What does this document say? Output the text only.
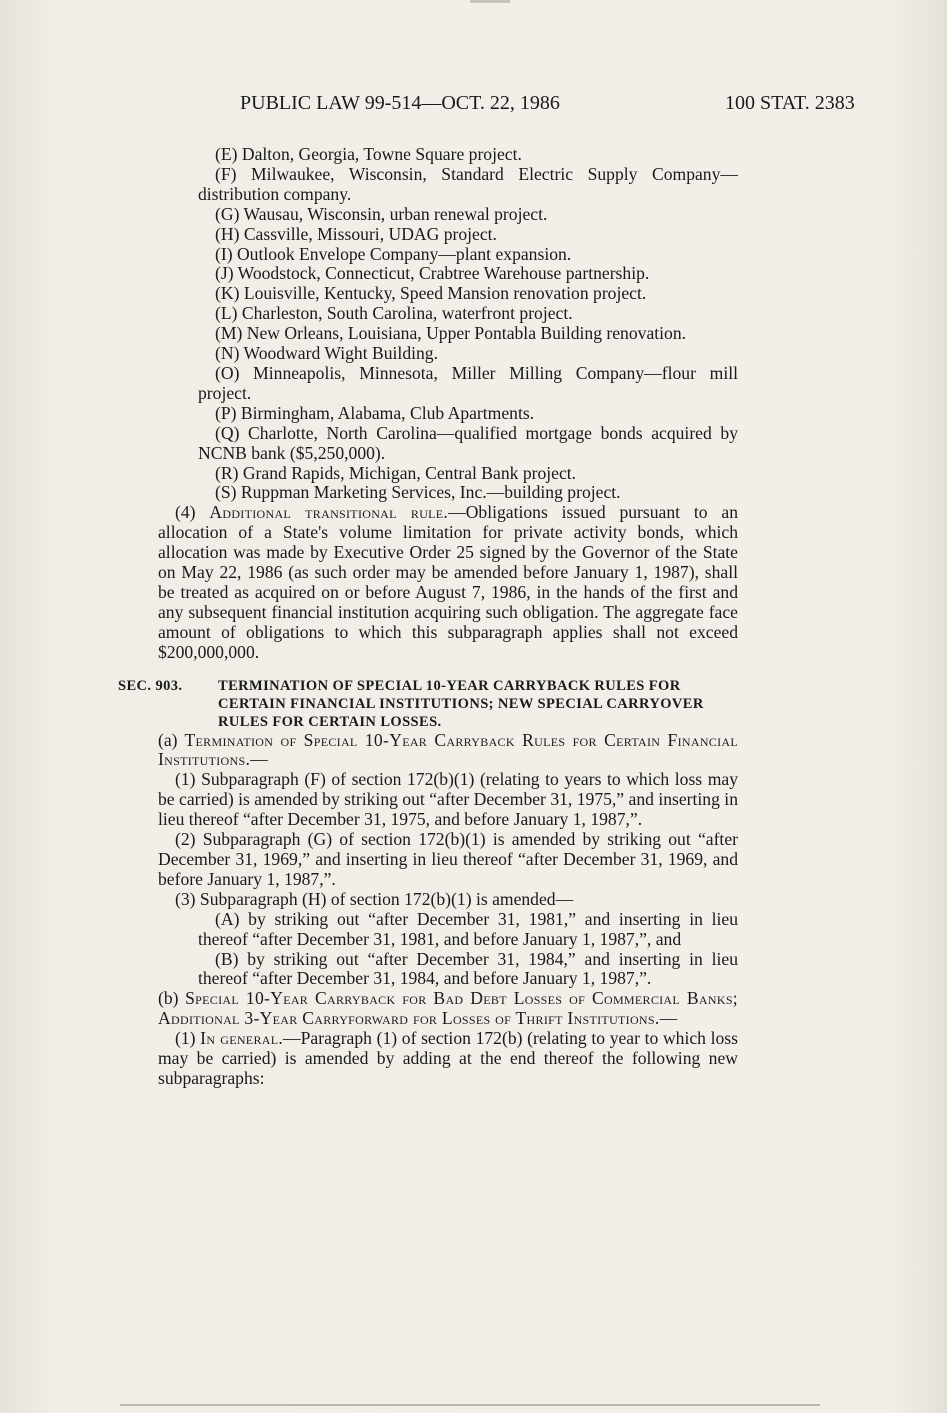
PUBLIC LAW 99-514—OCT. 22, 1986	100 STAT. 2383

(E) Dalton, Georgia, Towne Square project.

(F) Milwaukee, Wisconsin, Standard Electric Supply Company—distribution company.

(G) Wausau, Wisconsin, urban renewal project.

(H) Cassville, Missouri, UDAG project.

(I) Outlook Envelope Company—plant expansion.

(J) Woodstock, Connecticut, Crabtree Warehouse partnership.

(K) Louisville, Kentucky, Speed Mansion renovation project.

(L) Charleston, South Carolina, waterfront project.

(M) New Orleans, Louisiana, Upper Pontabla Building renovation.

(N) Woodward Wight Building.

(O) Minneapolis, Minnesota, Miller Milling Company—flour mill project.

(P) Birmingham, Alabama, Club Apartments.

(Q) Charlotte, North Carolina—qualified mortgage bonds acquired by NCNB bank ($5,250,000).

(R) Grand Rapids, Michigan, Central Bank project.

(S) Ruppman Marketing Services, Inc.—building project.

(4) Additional transitional rule.—Obligations issued pursuant to an allocation of a State's volume limitation for private activity bonds, which allocation was made by Executive Order 25 signed by the Governor of the State on May 22, 1986 (as such order may be amended before January 1, 1987), shall be treated as acquired on or before August 7, 1986, in the hands of the first and any subsequent financial institution acquiring such obligation. The aggregate face amount of obligations to which this subparagraph applies shall not exceed $200,000,000.

SEC. 903. TERMINATION OF SPECIAL 10-YEAR CARRYBACK RULES FOR CERTAIN FINANCIAL INSTITUTIONS; NEW SPECIAL CARRYOVER RULES FOR CERTAIN LOSSES.

(a) Termination of Special 10-Year Carryback Rules for Certain Financial Institutions.—

(1) Subparagraph (F) of section 172(b)(1) (relating to years to which loss may be carried) is amended by striking out “after December 31, 1975,” and inserting in lieu thereof “after December 31, 1975, and before January 1, 1987,”.

(2) Subparagraph (G) of section 172(b)(1) is amended by striking out “after December 31, 1969,” and inserting in lieu thereof “after December 31, 1969, and before January 1, 1987,”.

(3) Subparagraph (H) of section 172(b)(1) is amended—

(A) by striking out “after December 31, 1981,” and inserting in lieu thereof “after December 31, 1981, and before January 1, 1987,”, and

(B) by striking out “after December 31, 1984,” and inserting in lieu thereof “after December 31, 1984, and before January 1, 1987,”.

(b) Special 10-Year Carryback for Bad Debt Losses of Commercial Banks; Additional 3-Year Carryforward for Losses of Thrift Institutions.—

(1) In general.—Paragraph (1) of section 172(b) (relating to year to which loss may be carried) is amended by adding at the end thereof the following new subparagraphs:
